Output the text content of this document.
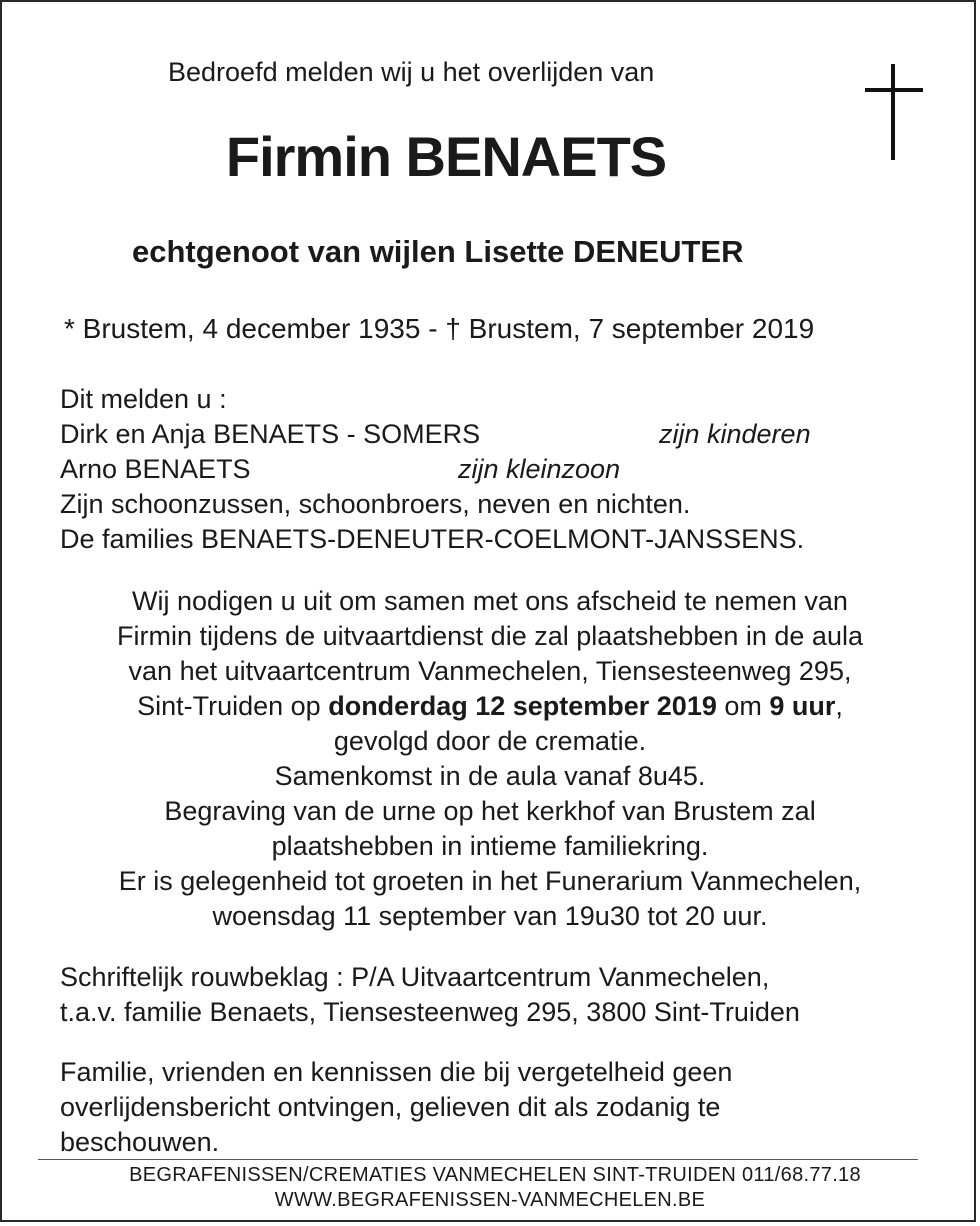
Bedroefd melden wij u het overlijden van
Firmin BENAETS
echtgenoot van wijlen Lisette DENEUTER
* Brustem, 4 december 1935 - † Brustem, 7 september 2019
Dit melden u :
Dirk en Anja BENAETS - SOMERS	zijn kinderen
Arno BENAETS	zijn kleinzoon
Zijn schoonzussen, schoonbroers, neven en nichten.
De families BENAETS-DENEUTER-COELMONT-JANSSENS.
Wij nodigen u uit om samen met ons afscheid te nemen van
Firmin tijdens de uitvaartdienst die zal plaatshebben in de aula
van het uitvaartcentrum Vanmechelen, Tiensesteenweg 295,
Sint-Truiden op donderdag 12 september 2019 om 9 uur,
gevolgd door de crematie.
Samenkomst in de aula vanaf 8u45.
Begraving van de urne op het kerkhof van Brustem zal
plaatshebben in intieme familiekring.
Er is gelegenheid tot groeten in het Funerarium Vanmechelen,
woensdag 11 september van 19u30 tot 20 uur.
Schriftelijk rouwbeklag : P/A Uitvaartcentrum Vanmechelen,
t.a.v. familie Benaets, Tiensesteenweg 295, 3800 Sint-Truiden
Familie, vrienden en kennissen die bij vergetelheid geen
overlijdensbericht ontvingen, gelieven dit als zodanig te
beschouwen.
BEGRAFENISSEN/CREMATIES VANMECHELEN SINT-TRUIDEN 011/68.77.18
WWW.BEGRAFENISSEN-VANMECHELEN.BE
